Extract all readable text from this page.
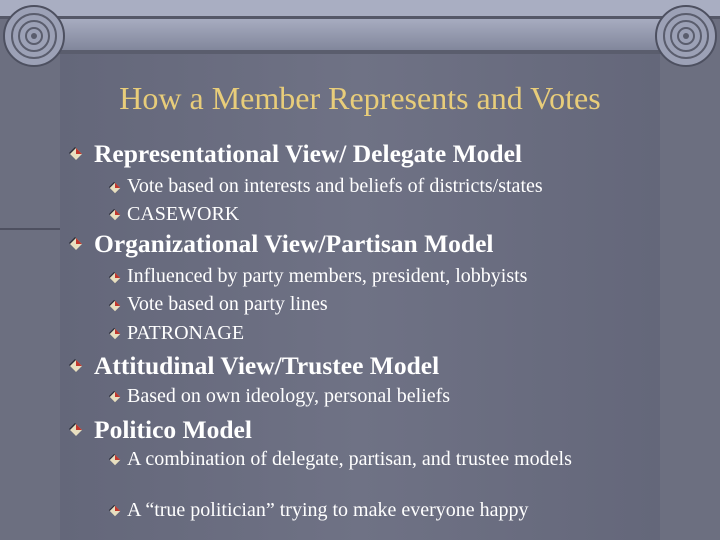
How a Member Represents and Votes
Representational View/ Delegate Model
Vote based on interests and beliefs of districts/states
CASEWORK
Organizational View/Partisan Model
Influenced by party members, president, lobbyists
Vote based on party lines
PATRONAGE
Attitudinal View/Trustee Model
Based on own ideology, personal beliefs
Politico Model
A combination of delegate, partisan, and trustee models
A “true politician” trying to make everyone happy
